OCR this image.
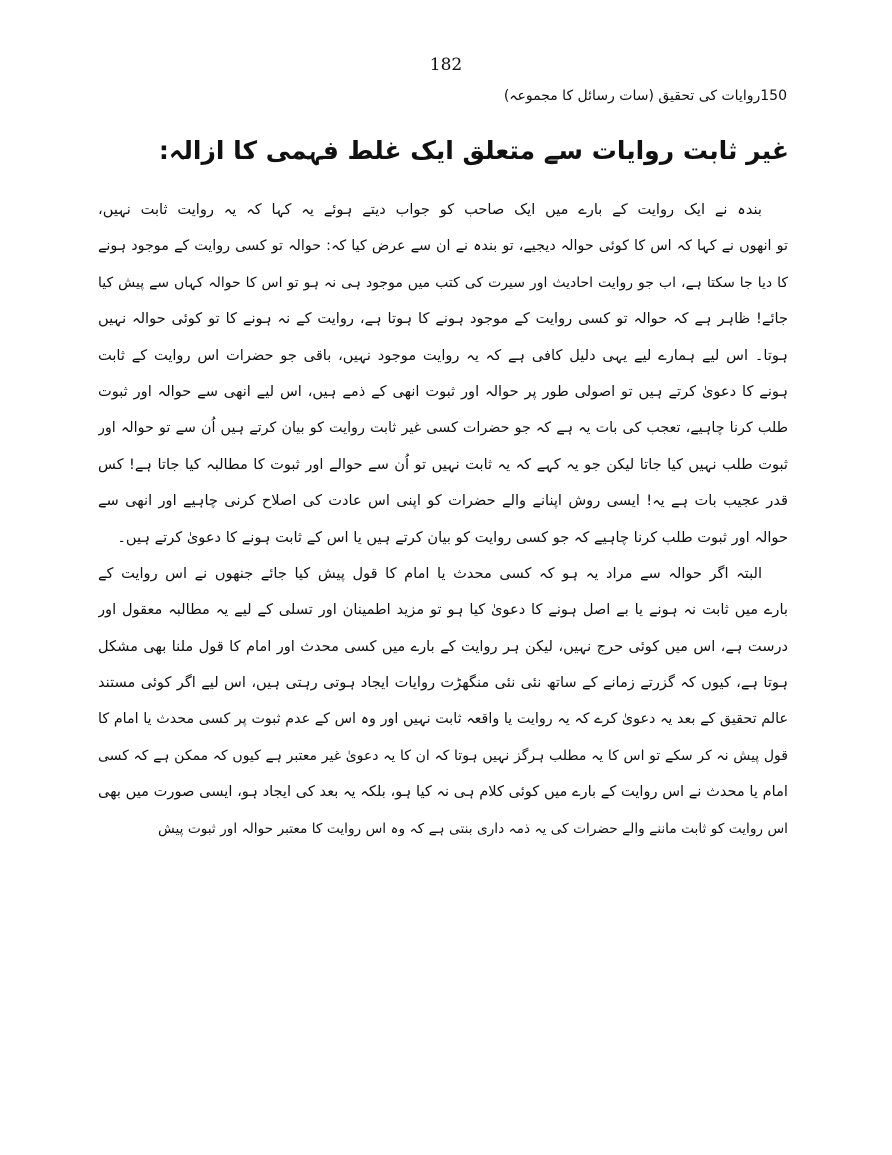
182
150روایات کی تحقیق (سات رسائل کا مجموعہ)
غیر ثابت روایات سے متعلق ایک غلط فہمی کا ازالہ:
بندہ نے ایک روایت کے بارے میں ایک صاحب کو جواب دیتے ہوئے یہ کہا کہ یہ روایت ثابت نہیں،
تو انھوں نے کہا کہ اس کا کوئی حوالہ دیجیے، تو بندہ نے ان سے عرض کیا کہ: حوالہ تو کسی روایت کے موجود ہونے
کا دیا جا سکتا ہے، اب جو روایت احادیث اور سیرت کی کتب میں موجود ہی نہ ہو تو اس کا حوالہ کہاں سے پیش کیا
جائے! ظاہر ہے کہ حوالہ تو کسی روایت کے موجود ہونے کا ہوتا ہے، روایت کے نہ ہونے کا تو کوئی حوالہ نہیں
ہوتا۔ اس لیے ہمارے لیے یہی دلیل کافی ہے کہ یہ روایت موجود نہیں، باقی جو حضرات اس روایت کے ثابت
ہونے کا دعویٰ کرتے ہیں تو اصولی طور پر حوالہ اور ثبوت انھی کے ذمے ہیں، اس لیے انھی سے حوالہ اور ثبوت
طلب کرنا چاہیے، تعجب کی بات یہ ہے کہ جو حضرات کسی غیر ثابت روایت کو بیان کرتے ہیں اُن سے تو حوالہ اور
ثبوت طلب نہیں کیا جاتا لیکن جو یہ کہے کہ یہ ثابت نہیں تو اُن سے حوالے اور ثبوت کا مطالبہ کیا جاتا ہے! کس
قدر عجیب بات ہے یہ! ایسی روش اپنانے والے حضرات کو اپنی اس عادت کی اصلاح کرنی چاہیے اور انھی سے
حوالہ اور ثبوت طلب کرنا چاہیے کہ جو کسی روایت کو بیان کرتے ہیں یا اس کے ثابت ہونے کا دعویٰ کرتے ہیں۔
البتہ اگر حوالہ سے مراد یہ ہو کہ کسی محدث یا امام کا قول پیش کیا جائے جنھوں نے اس روایت کے
بارے میں ثابت نہ ہونے یا بے اصل ہونے کا دعویٰ کیا ہو تو مزید اطمینان اور تسلی کے لیے یہ مطالبہ معقول اور
درست ہے، اس میں کوئی حرج نہیں، لیکن ہر روایت کے بارے میں کسی محدث اور امام کا قول ملنا بھی مشکل
ہوتا ہے، کیوں کہ گزرتے زمانے کے ساتھ نئی نئی منگھڑت روایات ایجاد ہوتی رہتی ہیں، اس لیے اگر کوئی مستند
عالم تحقیق کے بعد یہ دعویٰ کرے کہ یہ روایت یا واقعہ ثابت نہیں اور وہ اس کے عدم ثبوت پر کسی محدث یا امام کا
قول پیش نہ کر سکے تو اس کا یہ مطلب ہرگز نہیں ہوتا کہ ان کا یہ دعویٰ غیر معتبر ہے کیوں کہ ممکن ہے کہ کسی
امام یا محدث نے اس روایت کے بارے میں کوئی کلام ہی نہ کیا ہو، بلکہ یہ بعد کی ایجاد ہو، ایسی صورت میں بھی
اس روایت کو ثابت ماننے والے حضرات کی یہ ذمہ داری بنتی ہے کہ وہ اس روایت کا معتبر حوالہ اور ثبوت پیش
